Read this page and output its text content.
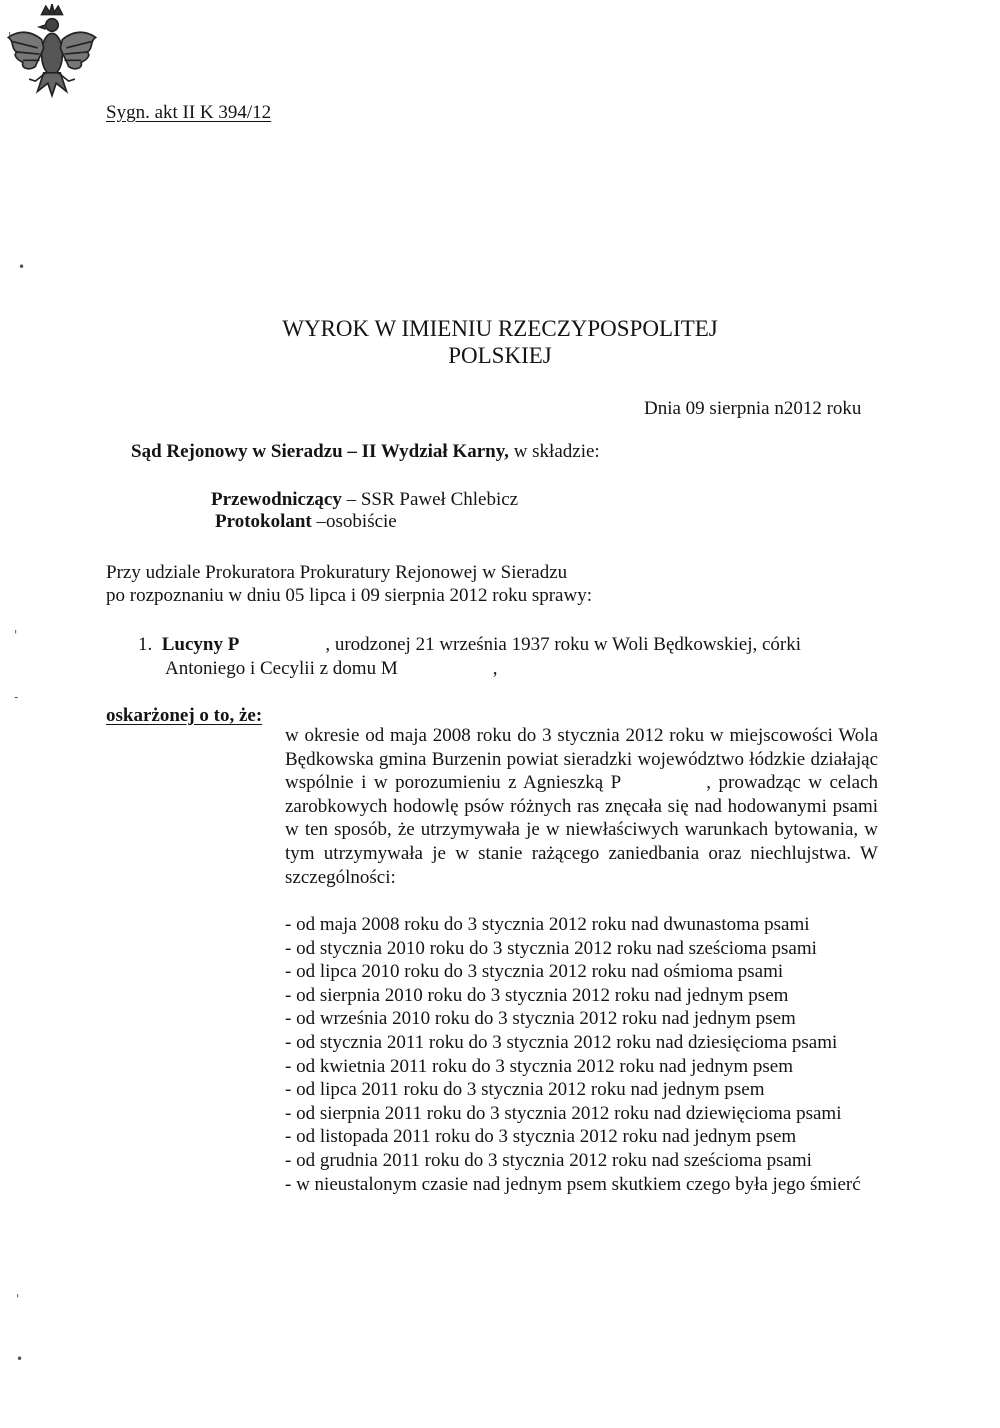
'
•
'
-
'
•
Sygn. akt II K 394/12
WYROK W IMIENIU RZECZYPOSPOLITEJ
POLSKIEJ
Dnia 09 sierpnia n2012 roku
Sąd Rejonowy w Sieradzu – II Wydział Karny, w składzie:
Przewodniczący – SSR Paweł Chlebicz
Protokolant –osobiście
Przy udziale Prokuratora Prokuratury Rejonowej w Sieradzu
po rozpoznaniu w dniu 05 lipca i 09 sierpnia 2012 roku sprawy:
1. Lucyny P	, urodzonej 21 września 1937 roku w Woli Będkowskiej, córki
Antoniego i Cecylii z domu M	,
oskarżonej o to, że:
w okresie od maja 2008 roku do 3 stycznia 2012 roku w miejscowości Wola Będkowska gmina Burzenin powiat sieradzki województwo łódzkie działając wspólnie i w porozumieniu z Agnieszką P	, prowadząc w celach zarobkowych hodowlę psów różnych ras znęcała się nad hodowanymi psami w ten sposób, że utrzymywała je w niewłaściwych warunkach bytowania, w tym utrzymywała je w stanie rażącego zaniedbania oraz niechlujstwa. W szczególności:
- od maja 2008 roku do 3 stycznia 2012 roku nad dwunastoma psami
- od stycznia 2010 roku do 3 stycznia 2012 roku nad sześcioma psami
- od lipca 2010 roku do 3 stycznia 2012 roku nad ośmioma psami
- od sierpnia 2010 roku do 3 stycznia 2012 roku nad jednym psem
- od września 2010 roku do 3 stycznia 2012 roku nad jednym psem
- od stycznia 2011 roku do 3 stycznia 2012 roku nad dziesięcioma psami
- od kwietnia 2011 roku do 3 stycznia 2012 roku nad jednym psem
- od lipca 2011 roku do 3 stycznia 2012 roku nad jednym psem
- od sierpnia 2011 roku do 3 stycznia 2012 roku nad dziewięcioma psami
- od listopada 2011 roku do 3 stycznia 2012 roku nad jednym psem
- od grudnia 2011 roku do 3 stycznia 2012 roku nad sześcioma psami
- w nieustalonym czasie nad jednym psem skutkiem czego była jego śmierć
